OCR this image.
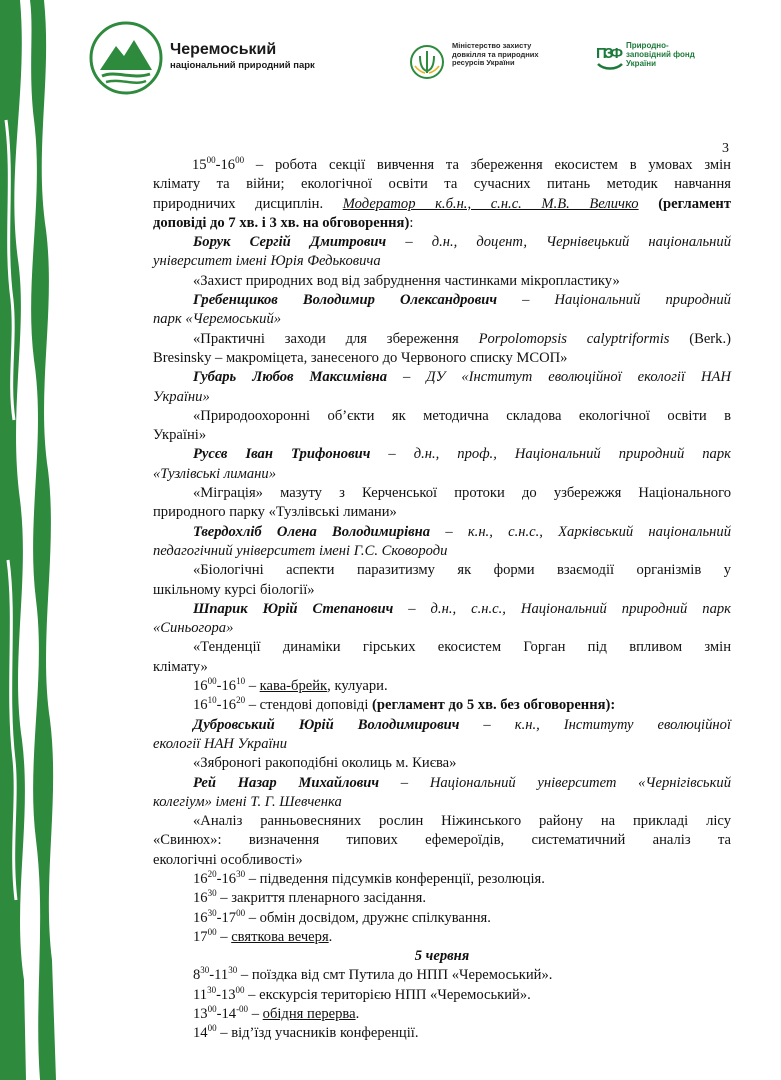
Черемоський
національний природний парк
Міністерство захисту довкілля та природних ресурсів України
ПЗФ Природно-заповідний фонд України
3

$15^{00}-16^{00}$ – робота секції вивчення та збереження екосистем в умовах змін

клімату та війни; екологічної освіти та сучасних питань методик навчання

природничих дисциплін. Модератор к.б.н., с.н.с. М.В. Величко (регламент

доповіді до 7 хв. і 3 хв. на обговорення):

Борук Сергій Дмитрович – д.н., доцент, Чернівецький національний

університет імені Юрія Федьковича

«Захист природних вод від забруднення частинками мікропластику»

Гребенщиков Володимир Олександрович – Національний природний

парк «Черемоський»

«Практичні заходи для збереження Porpolomopsis calyptriformis (Berk.)

Bresinsky – макроміцета, занесеного до Червоного списку МСОП»

Губарь Любов Максимівна – ДУ «Інститут еволюційної екології НАН

України»

«Природоохоронні об’єкти як методична складова екологічної освіти в

Україні»

Русєв Іван Трифонович – д.н., проф., Національний природний парк

«Тузлівські лимани»

«Міграція» мазуту з Керченської протоки до узбережжя Національного

природного парку «Тузлівські лимани»

Твердохліб Олена Володимирівна – к.н., с.н.с., Харківський національний

педагогічний університет імені Г.С. Сковороди

«Біологічні аспекти паразитизму як форми взаємодії організмів у

шкільному курсі біології»

Шпарик Юрій Степанович – д.н., с.н.с., Національний природний парк

«Синьогора»

«Тенденції динаміки гірських екосистем Горган під впливом змін

клімату»

$16^{00}-16^{10}$ – кава-брейк, кулуари.

$16^{10}-16^{20}$ – стендові доповіді (регламент до 5 хв. без обговорення):

Дубровський Юрій Володимирович – к.н., Інституту еволюційної

екології НАН України

«Зяброногі ракоподібні околиць м. Києва»

Рей Назар Михайлович – Національний університет «Чернігівський

колегіум» імені Т. Г. Шевченка

«Аналіз ранньовесняних рослин Ніжинського району на прикладі лісу

«Свинюх»: визначення типових ефемероїдів, систематичний аналіз та

екологічні особливості»

$16^{20}-16^{30}$ – підведення підсумків конференції, резолюція.

$16^{30}$ – закриття пленарного засідання.

$16^{30}-17^{00}$ – обмін досвідом, дружнє спілкування.

$17^{00}$ – святкова вечеря.

5 червня

$8^{30}-11^{30}$ – поїздка від смт Путила до НПП «Черемоський».

$11^{30}-13^{00}$ – екскурсія територією НПП «Черемоський».

$13^{00}-14^{-00}$ – обідня перерва.

$14^{00}$ – від’їзд учасників конференції.
